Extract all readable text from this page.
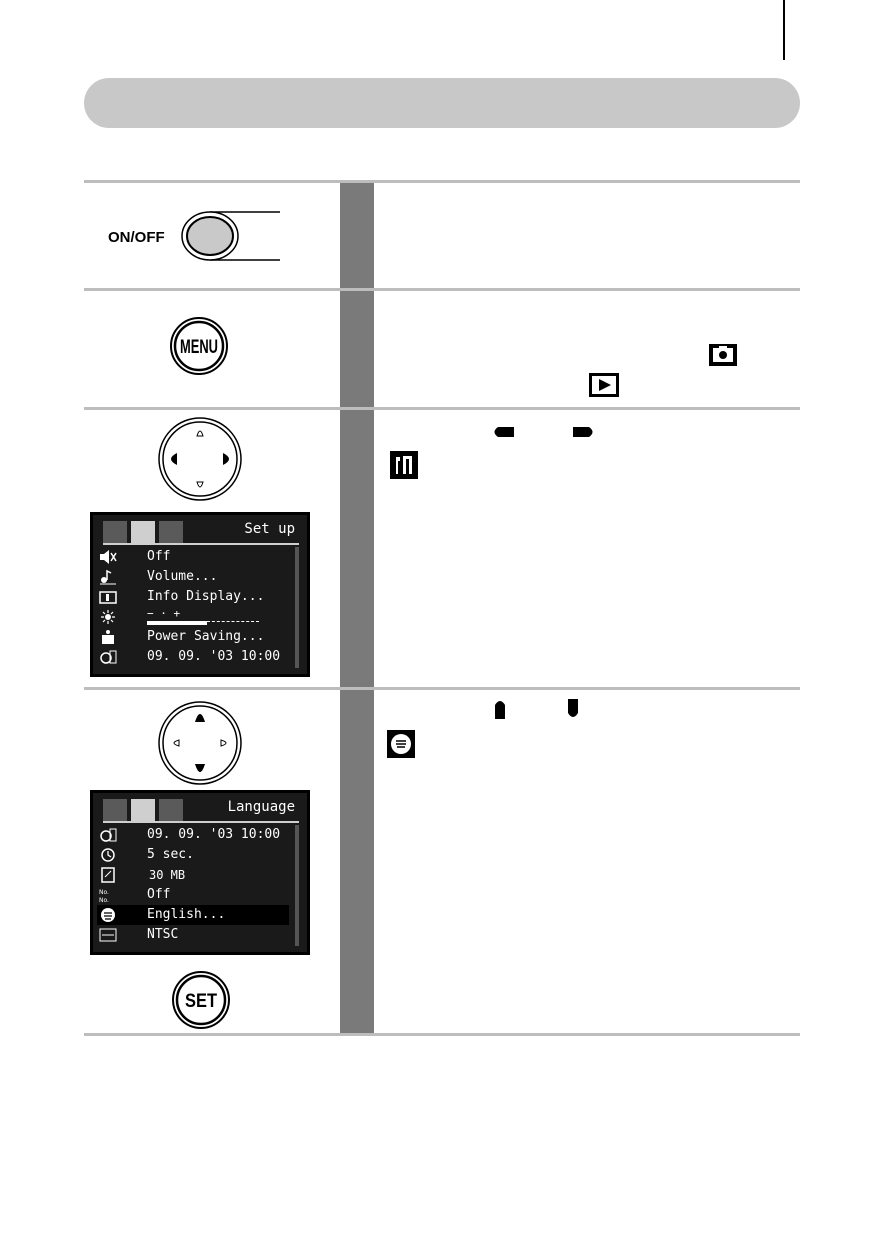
ON/OFF
MENU
Set up
Off
Volume...
Info Display...
− · +
Power Saving...
09. 09. '03 10:00
Language
09. 09. '03 10:00
5 sec.
30 MB
No.
No.	Off
English...
NTSC
SET
